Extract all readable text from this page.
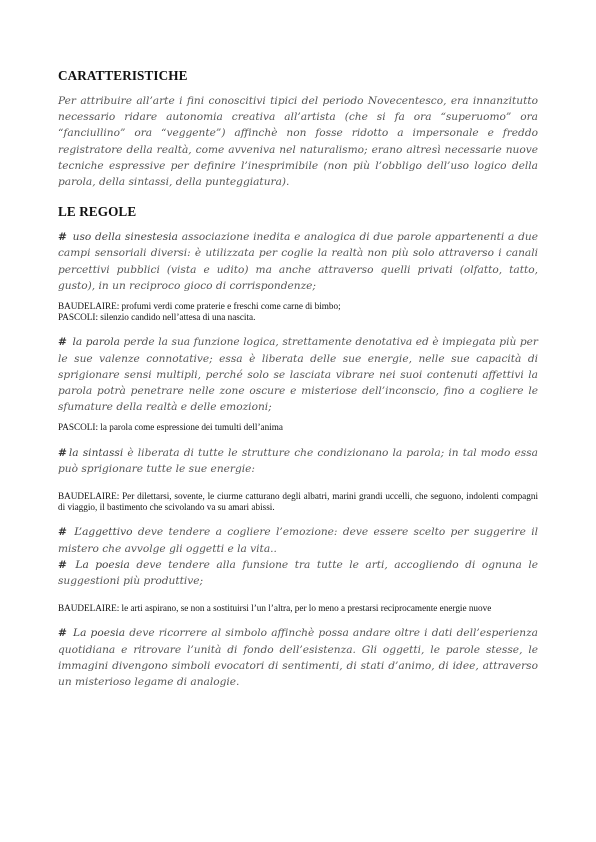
CARATTERISTICHE

Per attribuire all’arte i fini conoscitivi tipici del periodo Novecentesco, era innanzitutto necessario ridare autonomia creativa all’artista (che si fa ora “superuomo” ora “fanciullino” ora “veggente”) affinchè non fosse ridotto a impersonale e freddo registratore della realtà, come avveniva nel naturalismo; erano altresì necessarie nuove tecniche espressive per definire l’inesprimibile (non più l’obbligo dell’uso logico della parola, della sintassi, della punteggiatura).

LE REGOLE

# uso della sinestesia associazione inedita e analogica di due parole appartenenti a due campi sensoriali diversi: è utilizzata per coglie la realtà non più solo attraverso i canali percettivi pubblici (vista e udito) ma anche attraverso quelli privati (olfatto, tatto, gusto), in un reciproco gioco di corrispondenze;

BAUDELAIRE: profumi verdi come praterie e freschi come carne di bimbo;

PASCOLI: silenzio candido nell’attesa di una nascita.

# la parola perde la sua funzione logica, strettamente denotativa ed è impiegata più per le sue valenze connotative; essa è liberata delle sue energie, nelle sue capacità di sprigionare sensi multipli, perché solo se lasciata vibrare nei suoi contenuti affettivi la parola potrà penetrare nelle zone oscure e misteriose dell’inconscio, fino a cogliere le sfumature della realtà e delle emozioni;

PASCOLI: la parola come espressione dei tumulti dell’anima

# la sintassi è liberata di tutte le strutture che condizionano la parola; in tal modo essa può sprigionare tutte le sue energie:

BAUDELAIRE: Per dilettarsi, sovente, le ciurme catturano degli albatri, marini grandi uccelli, che seguono, indolenti compagni di viaggio, il bastimento che scivolando va su amari abissi.

# L’aggettivo deve tendere a cogliere l’emozione: deve essere scelto per suggerire il mistero che avvolge gli oggetti e la vita..

# La poesia deve tendere alla funsione tra tutte le arti, accogliendo di ognuna le suggestioni più produttive;

BAUDELAIRE: le arti aspirano, se non a sostituirsi l’un l’altra, per lo meno a prestarsi reciprocamente energie nuove

# La poesia deve ricorrere al simbolo affinchè possa andare oltre i dati dell’esperienza quotidiana e ritrovare l’unità di fondo dell’esistenza. Gli oggetti, le parole stesse, le immagini divengono simboli evocatori di sentimenti, di stati d’animo, di idee, attraverso un misterioso legame di analogie.
